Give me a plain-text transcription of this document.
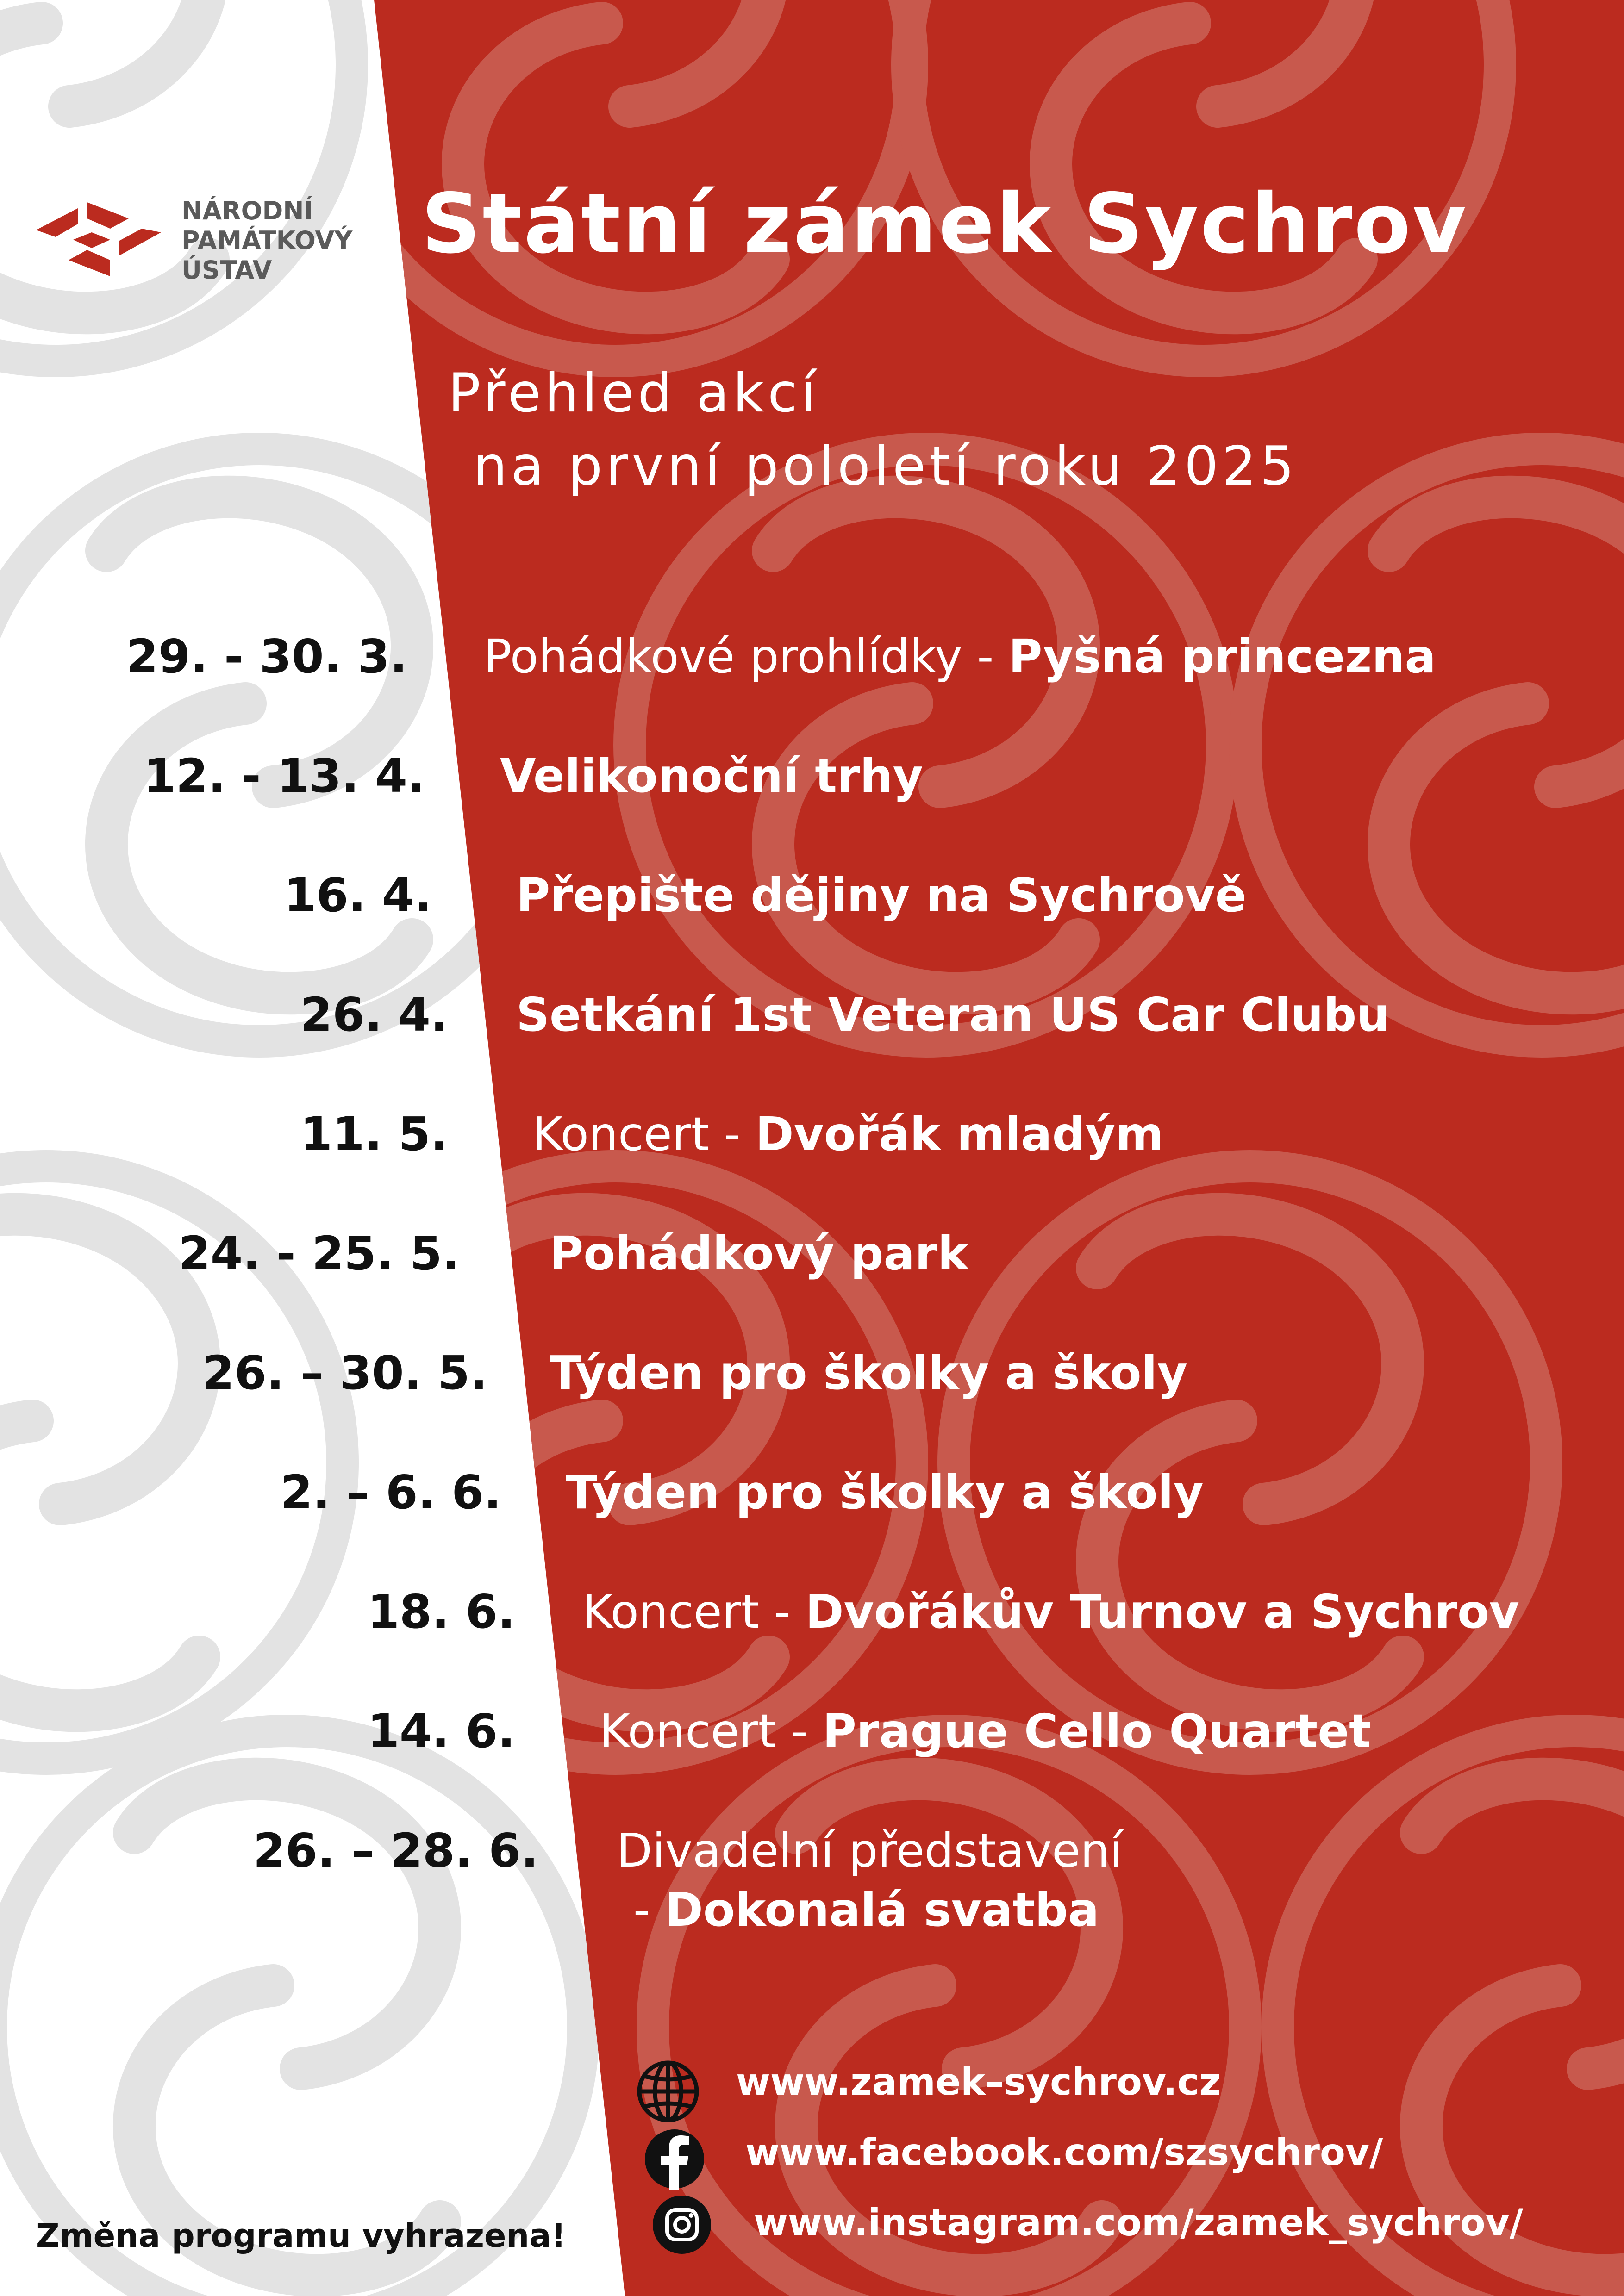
NÁRODNÍ
PAMÁTKOVÝ
ÚSTAV	Státní zámek Sychrov
Přehled akcí
na první pololetí roku 2025
29. - 30. 3. Pohádkové prohlídky - Pyšná princezna
12. - 13. 4. Velikonoční trhy
16. 4. Přepište dějiny na Sychrově
26. 4. Setkání 1st Veteran US Car Clubu
11. 5. Koncert - Dvořák mladým
24. - 25. 5. Pohádkový park
26. – 30. 5. Týden pro školky a školy
2. – 6. 6. Týden pro školky a školy
18. 6. Koncert - Dvořákův Turnov a Sychrov
14. 6. Koncert - Prague Cello Quartet
26. – 28. 6. Divadelní představení
- Dokonalá svatba
www.zamek–sychrov.cz
www.facebook.com/szsychrov/
www.instagram.com/zamek_sychrov/
Změna programu vyhrazena!
